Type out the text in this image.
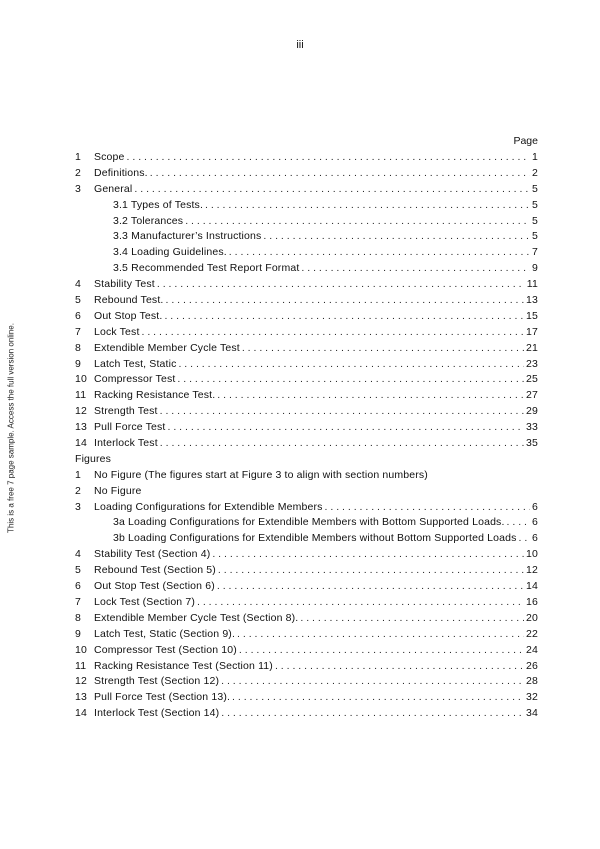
iii
This is a free 7 page sample. Access the full version online.
Page
1	Scope . . .	1
2	Definitions. . . .	2
3	General . . .	5
3.1 Types of Tests. . . .	5
3.2 Tolerances . . .	5
3.3 Manufacturer’s Instructions . . .	5
3.4 Loading Guidelines. . . .	7
3.5 Recommended Test Report Format . . .	9
4	Stability Test . . .	11
5	Rebound Test. . . .	13
6	Out Stop Test. . . .	15
7	Lock Test . . .	17
8	Extendible Member Cycle Test . . .	21
9	Latch Test, Static . . .	23
10 Compressor Test . . .	25
11 Racking Resistance Test. . . .	27
12 Strength Test . . .	29
13 Pull Force Test . . .	33
14 Interlock Test . . .	35
Figures
1	No Figure (The figures start at Figure 3 to align with section numbers)
2	No Figure
3	Loading Configurations for Extendible Members . . .	6
3a Loading Configurations for Extendible Members with Bottom Supported Loads. . . .	6
3b Loading Configurations for Extendible Members without Bottom Supported Loads . . . 6
4	Stability Test (Section 4) . . .	10
5	Rebound Test (Section 5) . . .	12
6	Out Stop Test (Section 6) . . .	14
7	Lock Test (Section 7) . . .	16
8	Extendible Member Cycle Test (Section 8). . . .	20
9	Latch Test, Static (Section 9). . . .	22
10 Compressor Test (Section 10) . . .	24
11 Racking Resistance Test (Section 11) . . .	26
12 Strength Test (Section 12) . . .	28
13 Pull Force Test (Section 13). . . .	32
14 Interlock Test (Section 14) . . .	34
